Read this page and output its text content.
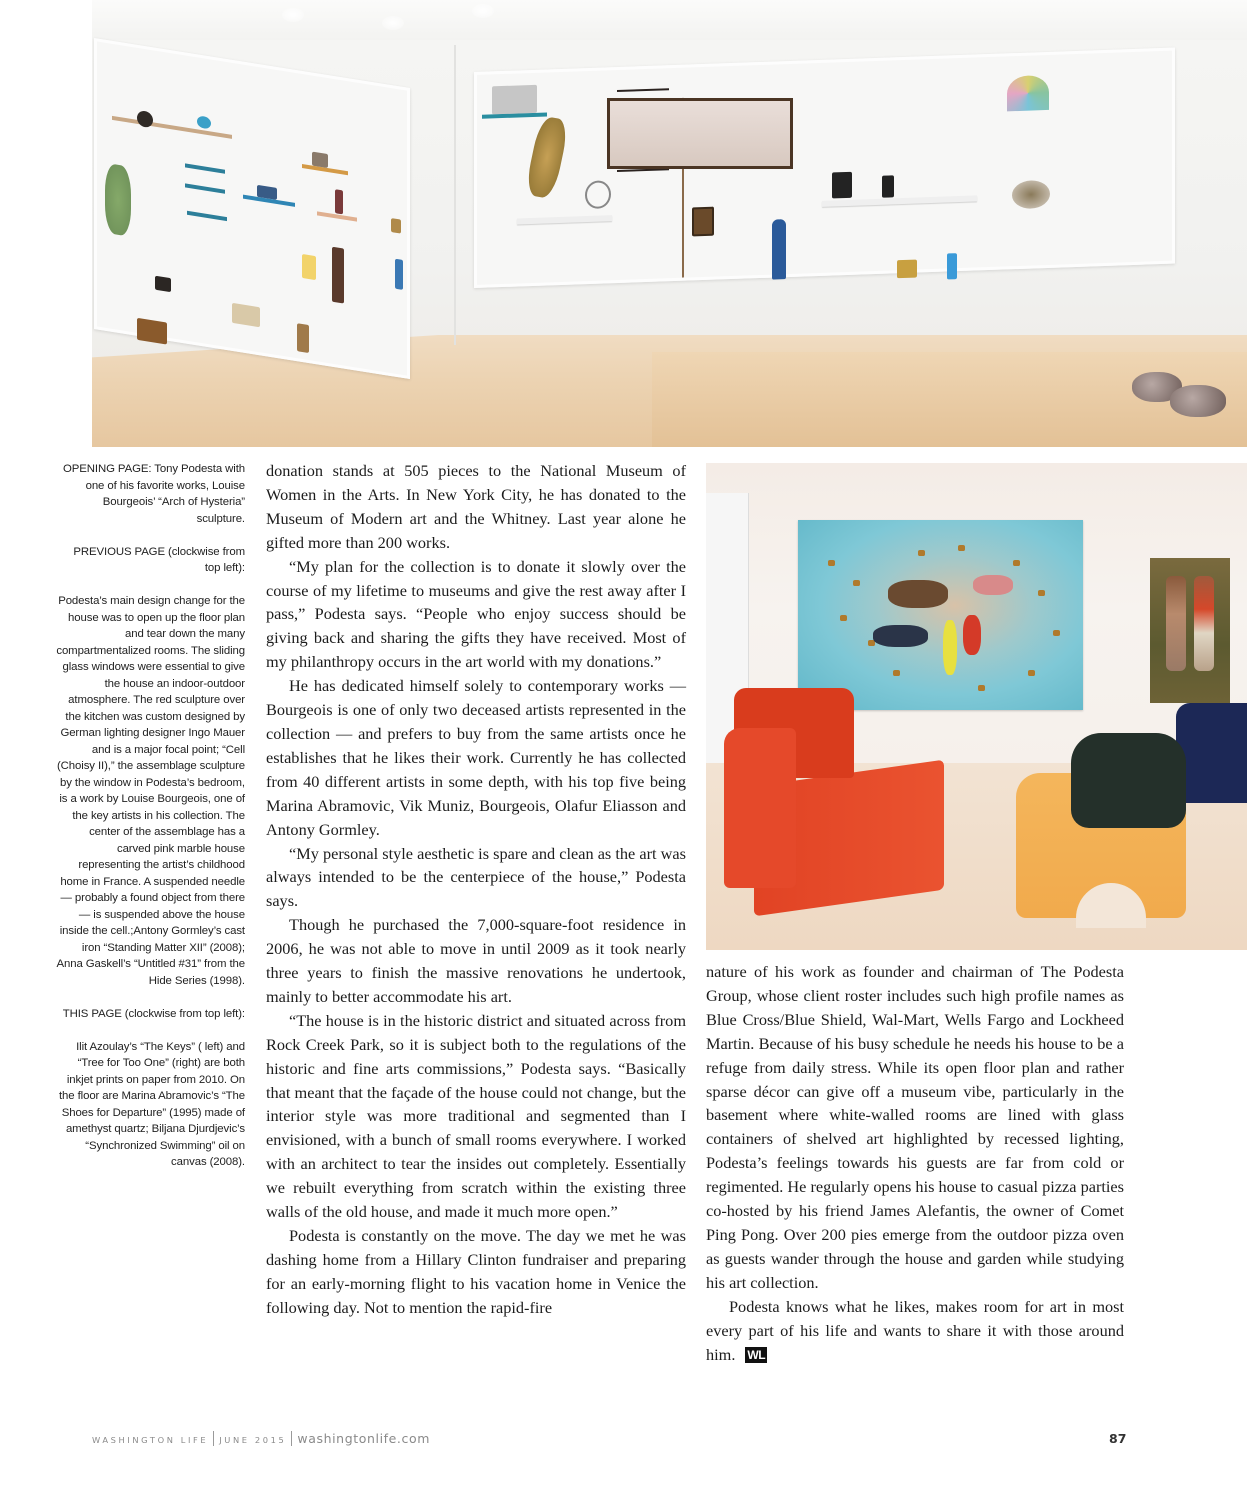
OPENING PAGE: Tony Podesta with one of his favorite works, Louise Bourgeois’ “Arch of Hysteria” sculpture.

PREVIOUS PAGE (clockwise from top left):

Podesta’s main design change for the house was to open up the floor plan and tear down the many compartmentalized rooms. The sliding glass windows were essential to give the house an indoor-outdoor atmosphere. The red sculpture over the kitchen was custom designed by German lighting designer Ingo Mauer and is a major focal point; “Cell (Choisy II),” the assemblage sculpture by the window in Podesta’s bedroom, is a work by Louise Bourgeois, one of the key artists in his collection. The center of the assemblage has a carved pink marble house representing the artist’s childhood home in France. A suspended needle — probably a found object from there — is suspended above the house inside the cell.;Antony Gormley’s cast iron “Standing Matter XII” (2008); Anna Gaskell’s “Untitled #31” from the Hide Series (1998).

THIS PAGE (clockwise from top left):

Ilit Azoulay’s “The Keys” ( left) and “Tree for Too One” (right) are both inkjet prints on paper from 2010. On the floor are Marina Abramovic’s “The Shoes for Departure” (1995) made of amethyst quartz; Biljana Djurdjevic’s “Synchronized Swimming” oil on canvas (2008).

donation stands at 505 pieces to the National Museum of Women in the Arts. In New York City, he has donated to the Museum of Modern art and the Whitney. Last year alone he gifted more than 200 works.

“My plan for the collection is to donate it slowly over the course of my lifetime to museums and give the rest away after I pass,” Podesta says. “People who enjoy success should be giving back and sharing the gifts they have received. Most of my philanthropy occurs in the art world with my donations.”

He has dedicated himself solely to contemporary works — Bourgeois is one of only two deceased artists represented in the collection — and prefers to buy from the same artists once he establishes that he likes their work. Currently he has collected from 40 different artists in some depth, with his top five being Marina Abramovic, Vik Muniz, Bourgeois, Olafur Eliasson and Antony Gormley.

“My personal style aesthetic is spare and clean as the art was always intended to be the centerpiece of the house,” Podesta says.

Though he purchased the 7,000-square-foot residence in 2006, he was not able to move in until 2009 as it took nearly three years to finish the massive renovations he undertook, mainly to better accommodate his art.

“The house is in the historic district and situated across from Rock Creek Park, so it is subject both to the regulations of the historic and fine arts commissions,” Podesta says. “Basically that meant that the façade of the house could not change, but the interior style was more traditional and segmented than I envisioned, with a bunch of small rooms everywhere. I worked with an architect to tear the insides out completely. Essentially we rebuilt everything from scratch within the existing three walls of the old house, and made it much more open.”

Podesta is constantly on the move. The day we met he was dashing home from a Hillary Clinton fundraiser and preparing for an early-morning flight to his vacation home in Venice the following day. Not to mention the rapid-fire

nature of his work as founder and chairman of The Podesta Group, whose client roster includes such high profile names as Blue Cross/Blue Shield, Wal-Mart, Wells Fargo and Lockheed Martin. Because of his busy schedule he needs his house to be a refuge from daily stress. While its open floor plan and rather sparse décor can give off a museum vibe, particularly in the basement where white-walled rooms are lined with glass containers of shelved art highlighted by recessed lighting, Podesta’s feelings towards his guests are far from cold or regimented. He regularly opens his house to casual pizza parties co-hosted by his friend James Alefantis, the owner of Comet Ping Pong. Over 200 pies emerge from the outdoor pizza oven as guests wander through the house and garden while studying his art collection.

Podesta knows what he likes, makes room for art in most every part of his life and wants to share it with those around him. WL

WASHINGTON LIFE JUNE 2015 washingtonlife.com	87
